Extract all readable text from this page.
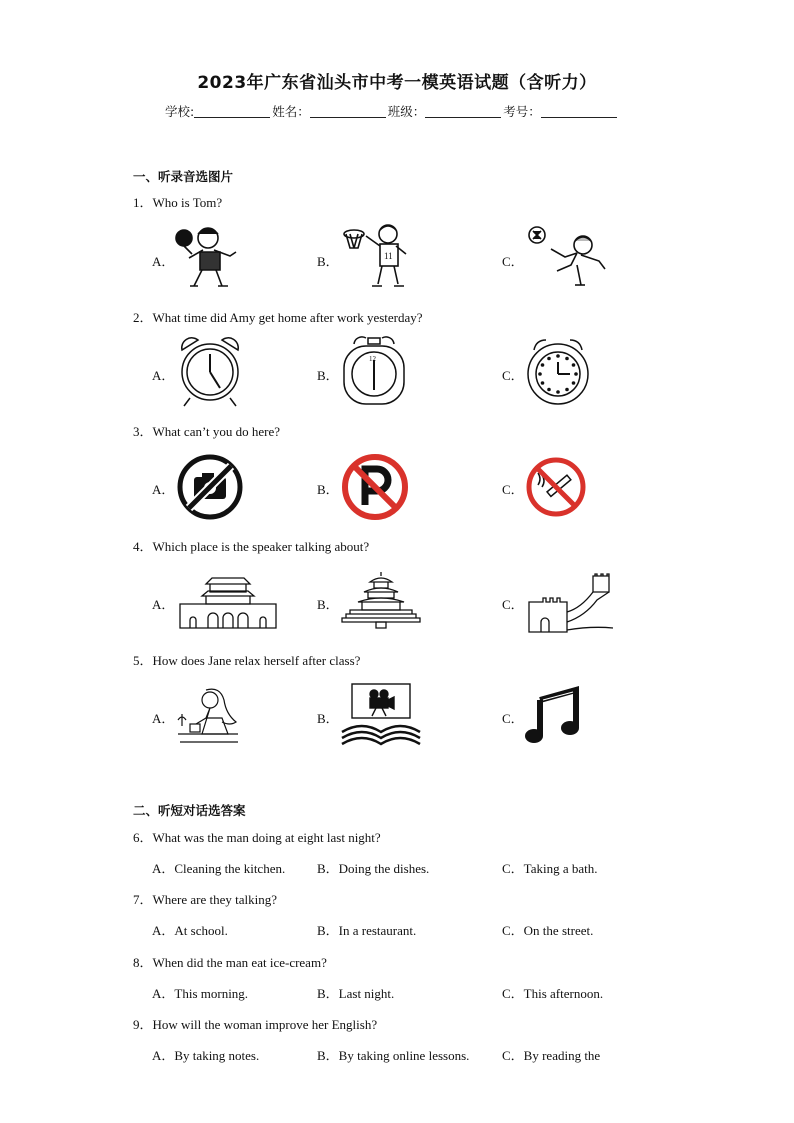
2023年广东省汕头市中考一模英语试题（含听力）
学校:	姓名：	班级：	考号：
一、听录音选图片
1．Who is Tom?
A．	B．	C．
11
2．What time did Amy get home after work yesterday?
A．	B．	C．
12
3．What can’t you do here?
A．	B．	C．
4．Which place is the speaker talking about?
A．	B．	C．
5．How does Jane relax herself after class?
A．	B．	C．
二、听短对话选答案
6．What was the man doing at eight last night?
A．Cleaning the kitchen. B．Doing the dishes.	C．Taking a bath.
7．Where are they talking?
A．At school.	B．In a restaurant.	C．On the street.
8．When did the man eat ice-cream?
A．This morning.	B．Last night.	C．This afternoon.
9．How will the woman improve her English?
A．By taking notes.	B．By taking online lessons.	C．By reading the
